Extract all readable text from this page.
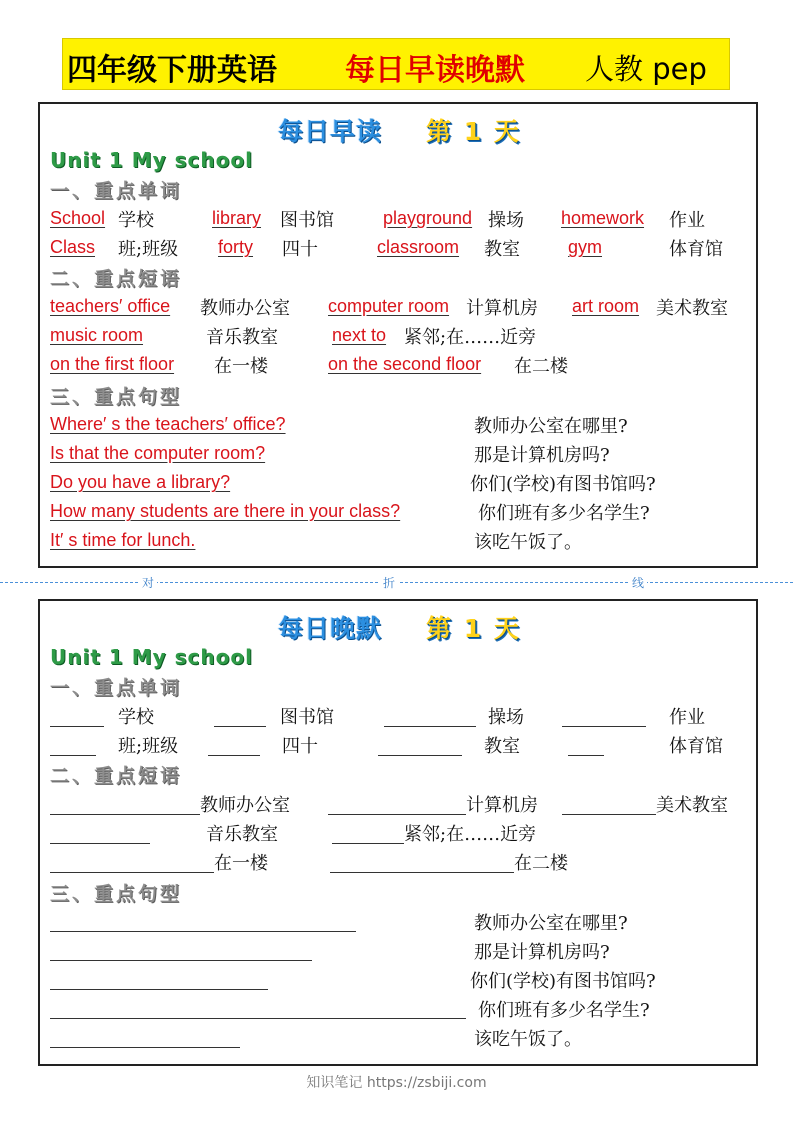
四年级下册英语 每日早读晚默 人教 pep
每日早读 第 1 天
Unit 1 My school
一、重点单词
School 学校	library 图书馆	playground 操场 homework 作业
Class 班;班级 forty 四十	classroom 教室	gym	体育馆
二、重点短语
teachers′ office 教师办公室 computer room 计算机房 art room 美术教室
music room	音乐教室	next to 紧邻;在……近旁
on the first floor 在一楼	on the second floor 在二楼
三、重点句型
Where′ s the teachers′ office?	教师办公室在哪里?
Is that the computer room?	那是计算机房吗?
Do you have a library?	你们(学校)有图书馆吗?
How many students are there in your class?	你们班有多少名学生?
It′ s time for lunch.	该吃午饭了。
对	折	线
每日晚默 第 1 天
Unit 1 My school
一、重点单词
学校	图书馆	操场	作业
班;班级	四十	教室	体育馆
二、重点短语
教师办公室	计算机房	美术教室
音乐教室	紧邻;在……近旁
在一楼	在二楼
三、重点句型
教师办公室在哪里?
那是计算机房吗?
你们(学校)有图书馆吗?
你们班有多少名学生?
该吃午饭了。
知识笔记 https://zsbiji.com
